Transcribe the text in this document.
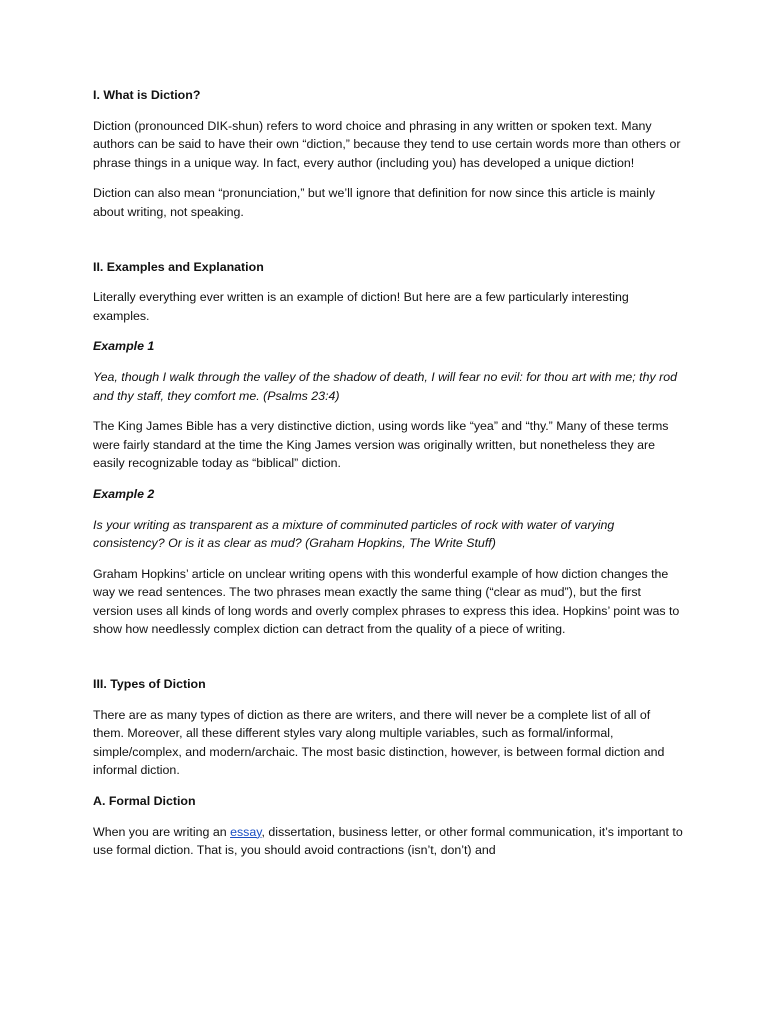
I. What is Diction?
Diction (pronounced DIK-shun) refers to word choice and phrasing in any written or spoken text. Many authors can be said to have their own “diction,” because they tend to use certain words more than others or phrase things in a unique way. In fact, every author (including you) has developed a unique diction!
Diction can also mean “pronunciation,” but we’ll ignore that definition for now since this article is mainly about writing, not speaking.
II. Examples and Explanation
Literally everything ever written is an example of diction! But here are a few particularly interesting examples.
Example 1
Yea, though I walk through the valley of the shadow of death, I will fear no evil: for thou art with me; thy rod and thy staff, they comfort me. (Psalms 23:4)
The King James Bible has a very distinctive diction, using words like “yea” and “thy.” Many of these terms were fairly standard at the time the King James version was originally written, but nonetheless they are easily recognizable today as “biblical” diction.
Example 2
Is your writing as transparent as a mixture of comminuted particles of rock with water of varying consistency? Or is it as clear as mud? (Graham Hopkins, The Write Stuff)
Graham Hopkins’ article on unclear writing opens with this wonderful example of how diction changes the way we read sentences. The two phrases mean exactly the same thing (“clear as mud”), but the first version uses all kinds of long words and overly complex phrases to express this idea. Hopkins’ point was to show how needlessly complex diction can detract from the quality of a piece of writing.
III. Types of Diction
There are as many types of diction as there are writers, and there will never be a complete list of all of them. Moreover, all these different styles vary along multiple variables, such as formal/informal, simple/complex, and modern/archaic. The most basic distinction, however, is between formal diction and informal diction.
A. Formal Diction
When you are writing an essay, dissertation, business letter, or other formal communication, it’s important to use formal diction. That is, you should avoid contractions (isn’t, don’t) and
